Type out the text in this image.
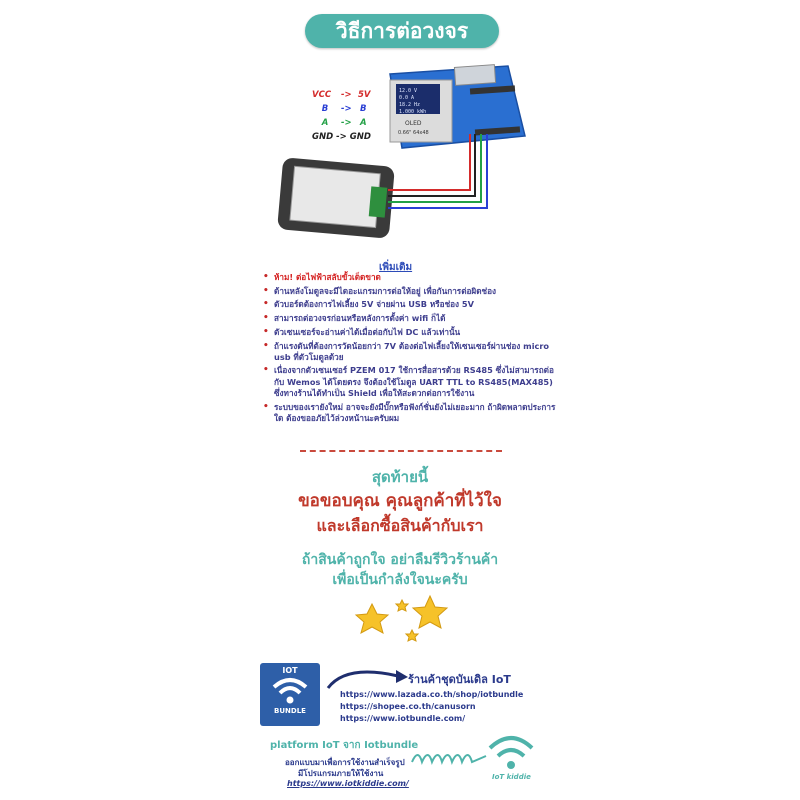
วิธีการต่อวงจร
VCC -> 5V
B -> B
A -> A
GND -> GND
12.0 V
0.0 A
18.2 Hz
1.000 kWh
OLED
0.66" 64x48
เพิ่มเติม
• ห้าม! ต่อไฟฟ้าสลับขั้วเด็ดขาด
• ด้านหลังโมดูลจะมีไดอะแกรมการต่อให้อยู่ เพื่อกันการต่อผิดช่อง
• ตัวบอร์ดต้องการไฟเลี้ยง 5V จ่ายผ่าน USB หรือช่อง 5V
• สามารถต่อวงจรก่อนหรือหลังการตั้งค่า wifi ก็ได้
• ตัวเซนเซอร์จะอ่านค่าได้เมื่อต่อกับไฟ DC แล้วเท่านั้น
• ถ้าแรงดันที่ต้องการวัดน้อยกว่า 7V ต้องต่อไฟเลี้ยงให้เซนเซอร์ผ่านช่อง micro usb ที่ตัวโมดูลด้วย
• เนื่องจากตัวเซนเซอร์ PZEM 017 ใช้การสื่อสารด้วย RS485 ซึ่งไม่สามารถต่อกับ Wemos ได้โดยตรง จึงต้องใช้โมดูล UART TTL to RS485(MAX485) ซึ่งทางร้านได้ทำเป็น Shield เพื่อให้สะดวกต่อการใช้งาน
• ระบบของเรายังใหม่ อาจจะยังมีบั๊กหรือฟังก์ชั่นยังไม่เยอะมาก ถ้าผิดพลาดประการใด ต้องขออภัยไว้ล่วงหน้านะครับผม
สุดท้ายนี้
ขอขอบคุณ คุณลูกค้าที่ไว้ใจ
และเลือกซื้อสินค้ากับเรา
ถ้าสินค้าถูกใจ อย่าลืมรีวิวร้านค้า
เพื่อเป็นกำลังใจนะครับ
IOT
BUNDLE
ร้านค้าชุดบันเดิล IoT
https://www.lazada.co.th/shop/iotbundle
https://shopee.co.th/canusorn
https://www.iotbundle.com/
platform IoT จาก Iotbundle
ออกแบบมาเพื่อการใช้งานสำเร็จรูป
มีโปรแกรมภายให้ใช้งาน
https://www.iotkiddie.com/
IoT kiddie
